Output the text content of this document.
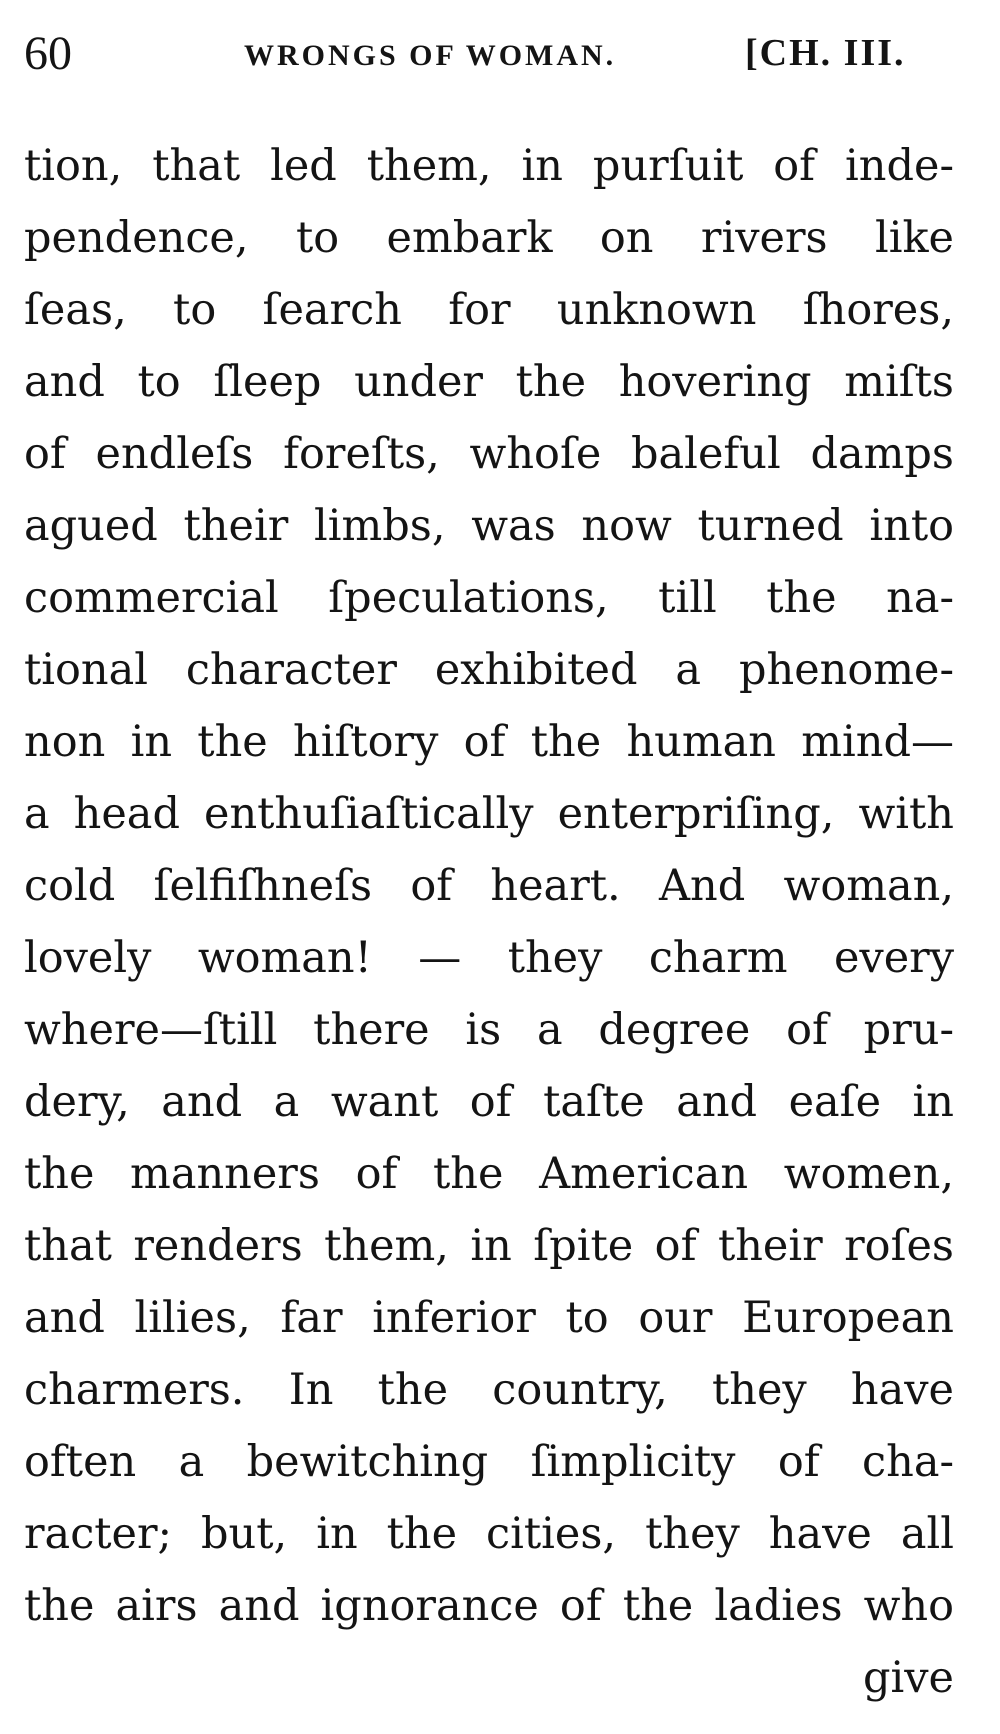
60	WRONGS OF WOMAN.	[CH. III.
tion, that led them, in purſuit of inde-
pendence, to embark on rivers like
ſeas, to ſearch for unknown ſhores,
and to ſleep under the hovering miſts
of endleſs foreſts, whoſe baleful damps
agued their limbs, was now turned into
commercial ſpeculations, till the na-
tional character exhibited a phenome-
non in the hiſtory of the human mind—
a head enthuſiaſtically enterpriſing, with
cold ſelfiſhneſs of heart. And woman,
lovely woman! — they charm every
where—ſtill there is a degree of pru-
dery, and a want of taſte and eaſe in
the manners of the American women,
that renders them, in ſpite of their roſes
and lilies, far inferior to our European
charmers. In the country, they have
often a bewitching ſimplicity of cha-
racter; but, in the cities, they have all
the airs and ignorance of the ladies who
give
